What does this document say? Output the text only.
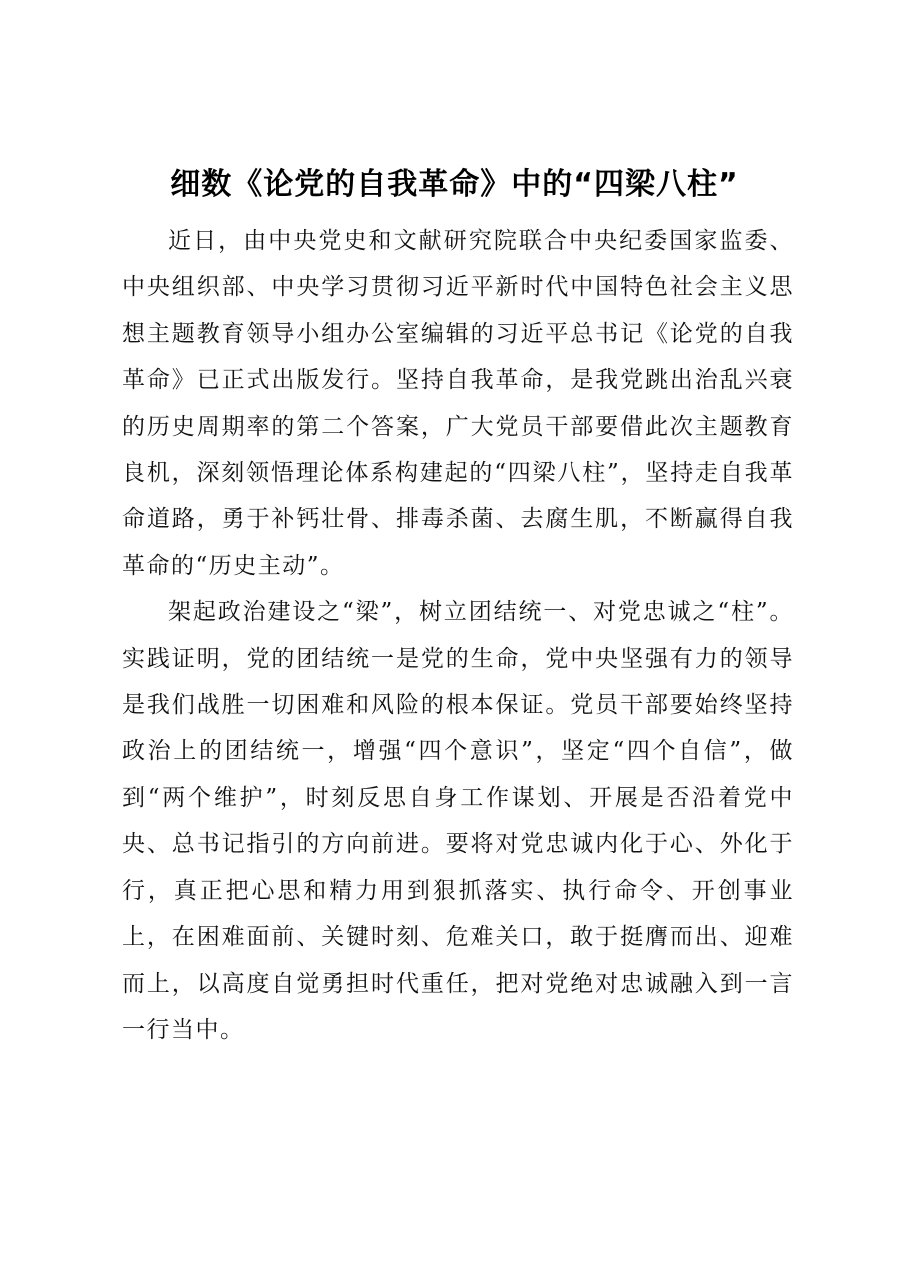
细数《论党的自我革命》中的“四梁八柱”

近日，由中央党史和文献研究院联合中央纪委国家监委、中央组织部、中央学习贯彻习近平新时代中国特色社会主义思想主题教育领导小组办公室编辑的习近平总书记《论党的自我革命》已正式出版发行。坚持自我革命，是我党跳出治乱兴衰的历史周期率的第二个答案，广大党员干部要借此次主题教育良机，深刻领悟理论体系构建起的“四梁八柱”，坚持走自我革命道路，勇于补钙壮骨、排毒杀菌、去腐生肌，不断赢得自我革命的“历史主动”。

架起政治建设之“梁”，树立团结统一、对党忠诚之“柱”。实践证明，党的团结统一是党的生命，党中央坚强有力的领导是我们战胜一切困难和风险的根本保证。党员干部要始终坚持政治上的团结统一，增强“四个意识”，坚定“四个自信”，做到“两个维护”，时刻反思自身工作谋划、开展是否沿着党中央、总书记指引的方向前进。要将对党忠诚内化于心、外化于行，真正把心思和精力用到狠抓落实、执行命令、开创事业上，在困难面前、关键时刻、危难关口，敢于挺膺而出、迎难而上，以高度自觉勇担时代重任，把对党绝对忠诚融入到一言一行当中。
